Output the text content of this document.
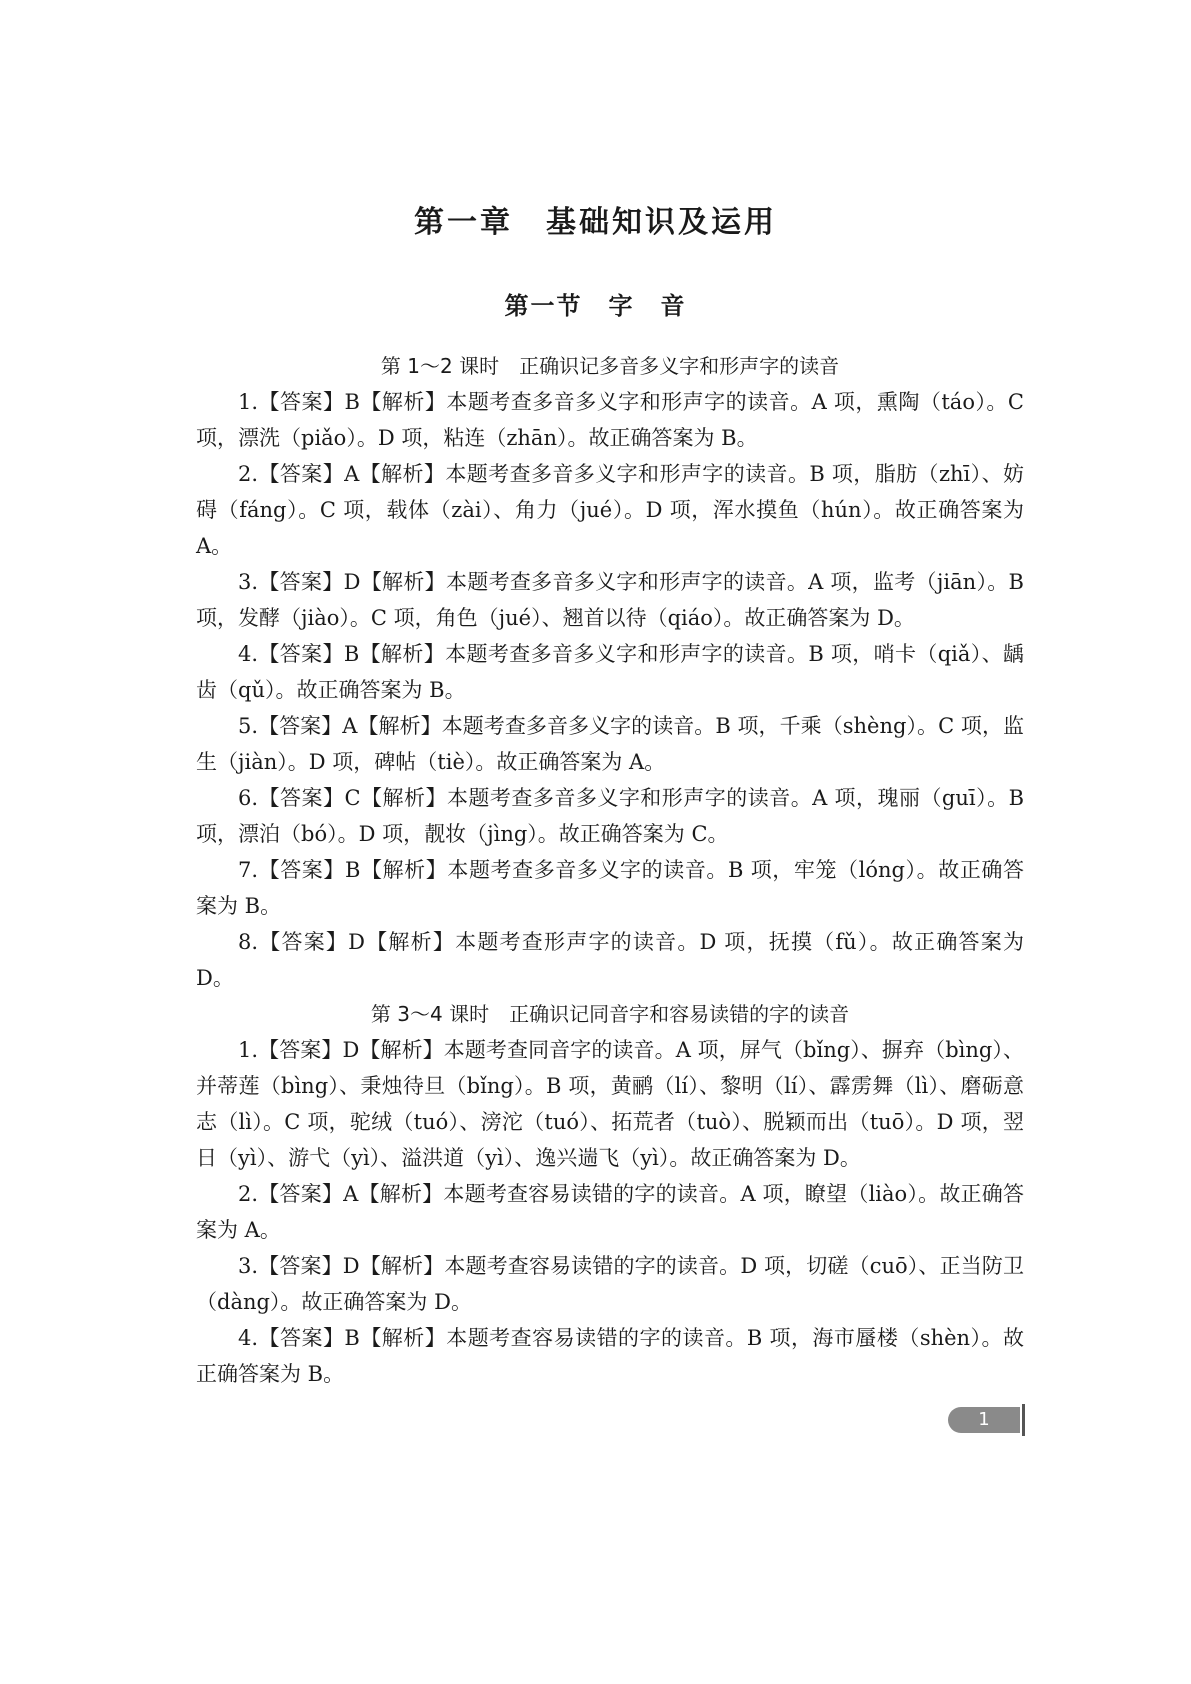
第一章　基础知识及运用
第一节　字　音

第 1～2 课时　正确识记多音多义字和形声字的读音

1.【答案】B【解析】本题考查多音多义字和形声字的读音。A 项，熏陶（táo）。C 项，漂洗（piǎo）。D 项，粘连（zhān）。故正确答案为 B。

2.【答案】A【解析】本题考查多音多义字和形声字的读音。B 项，脂肪（zhī）、妨碍（fáng）。C 项，载体（zài）、角力（jué）。D 项，浑水摸鱼（hún）。故正确答案为 A。

3.【答案】D【解析】本题考查多音多义字和形声字的读音。A 项，监考（jiān）。B 项，发酵（jiào）。C 项，角色（jué）、翘首以待（qiáo）。故正确答案为 D。

4.【答案】B【解析】本题考查多音多义字和形声字的读音。B 项，哨卡（qiǎ）、龋齿（qǔ）。故正确答案为 B。

5.【答案】A【解析】本题考查多音多义字的读音。B 项，千乘（shèng）。C 项，监生（jiàn）。D 项，碑帖（tiè）。故正确答案为 A。

6.【答案】C【解析】本题考查多音多义字和形声字的读音。A 项，瑰丽（guī）。B 项，漂泊（bó）。D 项，靓妆（jìng）。故正确答案为 C。

7.【答案】B【解析】本题考查多音多义字的读音。B 项，牢笼（lóng）。故正确答案为 B。

8.【答案】D【解析】本题考查形声字的读音。D 项，抚摸（fǔ）。故正确答案为 D。

第 3～4 课时　正确识记同音字和容易读错的字的读音

1.【答案】D【解析】本题考查同音字的读音。A 项，屏气（bǐng）、摒弃（bìng）、并蒂莲（bìng）、秉烛待旦（bǐng）。B 项，黄鹂（lí）、黎明（lí）、霹雳舞（lì）、磨砺意志（lì）。C 项，驼绒（tuó）、滂沱（tuó）、拓荒者（tuò）、脱颖而出（tuō）。D 项，翌日（yì）、游弋（yì）、溢洪道（yì）、逸兴遄飞（yì）。故正确答案为 D。

2.【答案】A【解析】本题考查容易读错的字的读音。A 项，瞭望（liào）。故正确答案为 A。

3.【答案】D【解析】本题考查容易读错的字的读音。D 项，切磋（cuō）、正当防卫（dàng）。故正确答案为 D。

4.【答案】B【解析】本题考查容易读错的字的读音。B 项，海市蜃楼（shèn）。故正确答案为 B。

1
